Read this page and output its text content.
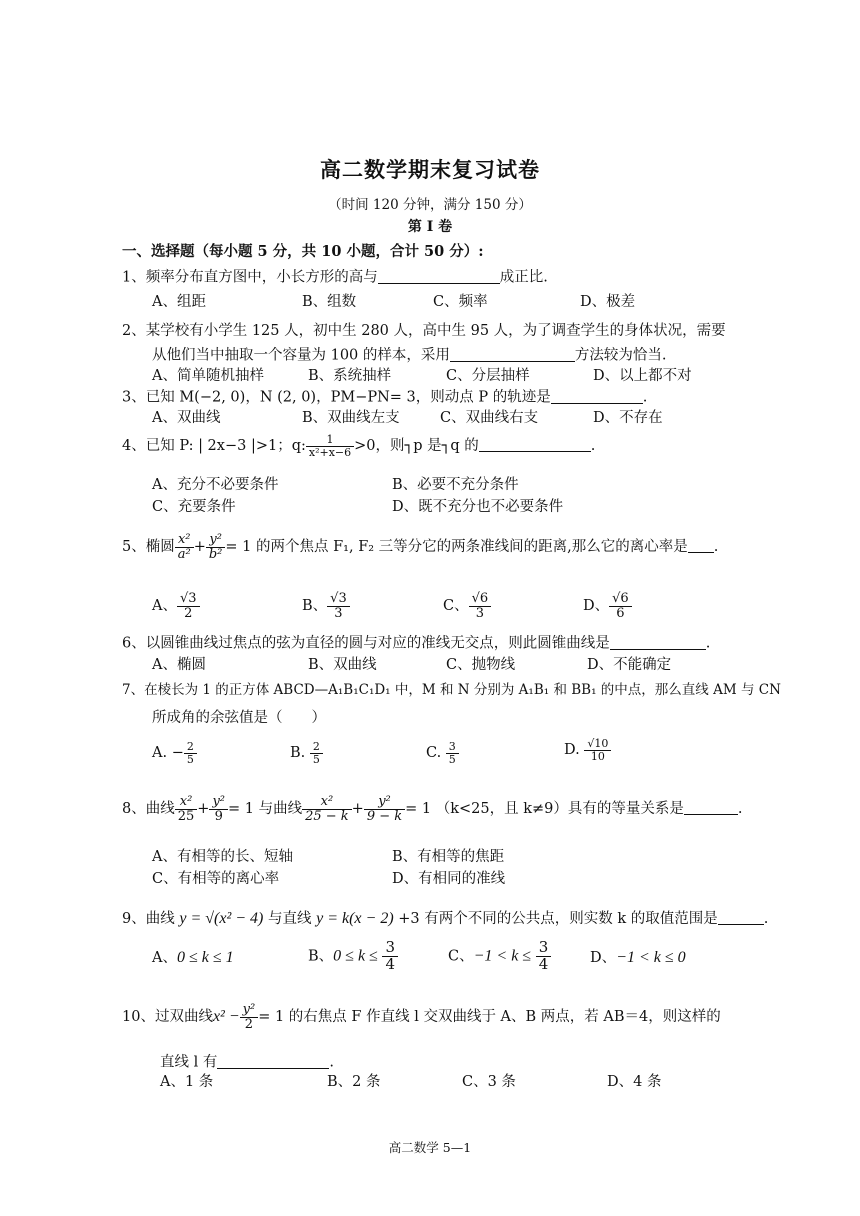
高二数学期末复习试卷
（时间 120 分钟，满分 150 分）
第 I 卷
一、选择题（每小题 5 分，共 10 小题，合计 50 分）:
1、频率分布直方图中，小长方形的高与	成正比.
A、组距	B、组数	C、频率	D、极差
2、某学校有小学生 125 人，初中生 280 人，高中生 95 人，为了调查学生的身体状况，需要
从他们当中抽取一个容量为 100 的样本，采用	方法较为恰当.
A、简单随机抽样	B、系统抽样	C、分层抽样	D、以上都不对
3、已知 M(−2, 0)，N (2, 0)，PM−PN= 3，则动点 P 的轨迹是	.
A、双曲线	B、双曲线左支	C、双曲线右支	D、不存在
4、已知 P: | 2x−3 |>1；q: $\frac{1}{\text{x²+x−6}} >0$，则┐p 是┐q 的	.
A、充分不必要条件	B、必要不充分条件
C、充要条件	D、既不充分也不必要条件
5、椭圆 $\frac{\text{x²}}{\text{a²}} + \frac{\text{y²}}{\text{b²}} = 1$ 的两个焦点 F₁, F₂ 三等分它的两条准线间的距离,那么它的离心率是 .
A、 $\frac{√3}{2}$	B、 $\frac{√3}{3}$	C、 $\frac{√6}{3}$	D、 $\frac{√6}{6}$
6、以圆锥曲线过焦点的弦为直径的圆与对应的准线无交点，则此圆锥曲线是	.
A、椭圆	B、双曲线	C、抛物线	D、不能确定
7、在棱长为 1 的正方体 ABCD—A₁B₁C₁D₁ 中，M 和 N 分别为 A₁B₁ 和 BB₁ 的中点，那么直线 AM 与 CN
所成角的余弦值是（　　）
A. − $\frac{2}{5}$	B. $\frac{2}{5}$	C. $\frac{3}{5}$	D. $\frac{√10}{10}$
8、曲线 $\frac{\text{x²}}{25} + \frac{\text{y²}}{9} = 1$ 与曲线 $\frac{\text{x²}}{25 - k} + \frac{\text{y²}}{9 - k} = 1$ （k<25，且 k≠9）具有的等量关系是	.
A、有相等的长、短轴	B、有相等的焦距
C、有相等的离心率	D、有相同的准线
9、曲线 y = √(x² − 4) 与直线 y = k(x − 2) +3 有两个不同的公共点，则实数 k 的取值范围是	.
A、0 ≤ k ≤ 1	B、$0 \le k \le \frac{3}{4}$	C、$-1 < k \le \frac{3}{4}$	D、−1 < k ≤ 0
10、过双曲线$x^2 - \frac{\text{y²}}{2} = 1$ 的右焦点 F 作直线 l 交双曲线于 A、B 两点，若 AB＝4，则这样的
直线 l 有	.
A、1 条	B、2 条	C、3 条	D、4 条
高二数学 5—1
